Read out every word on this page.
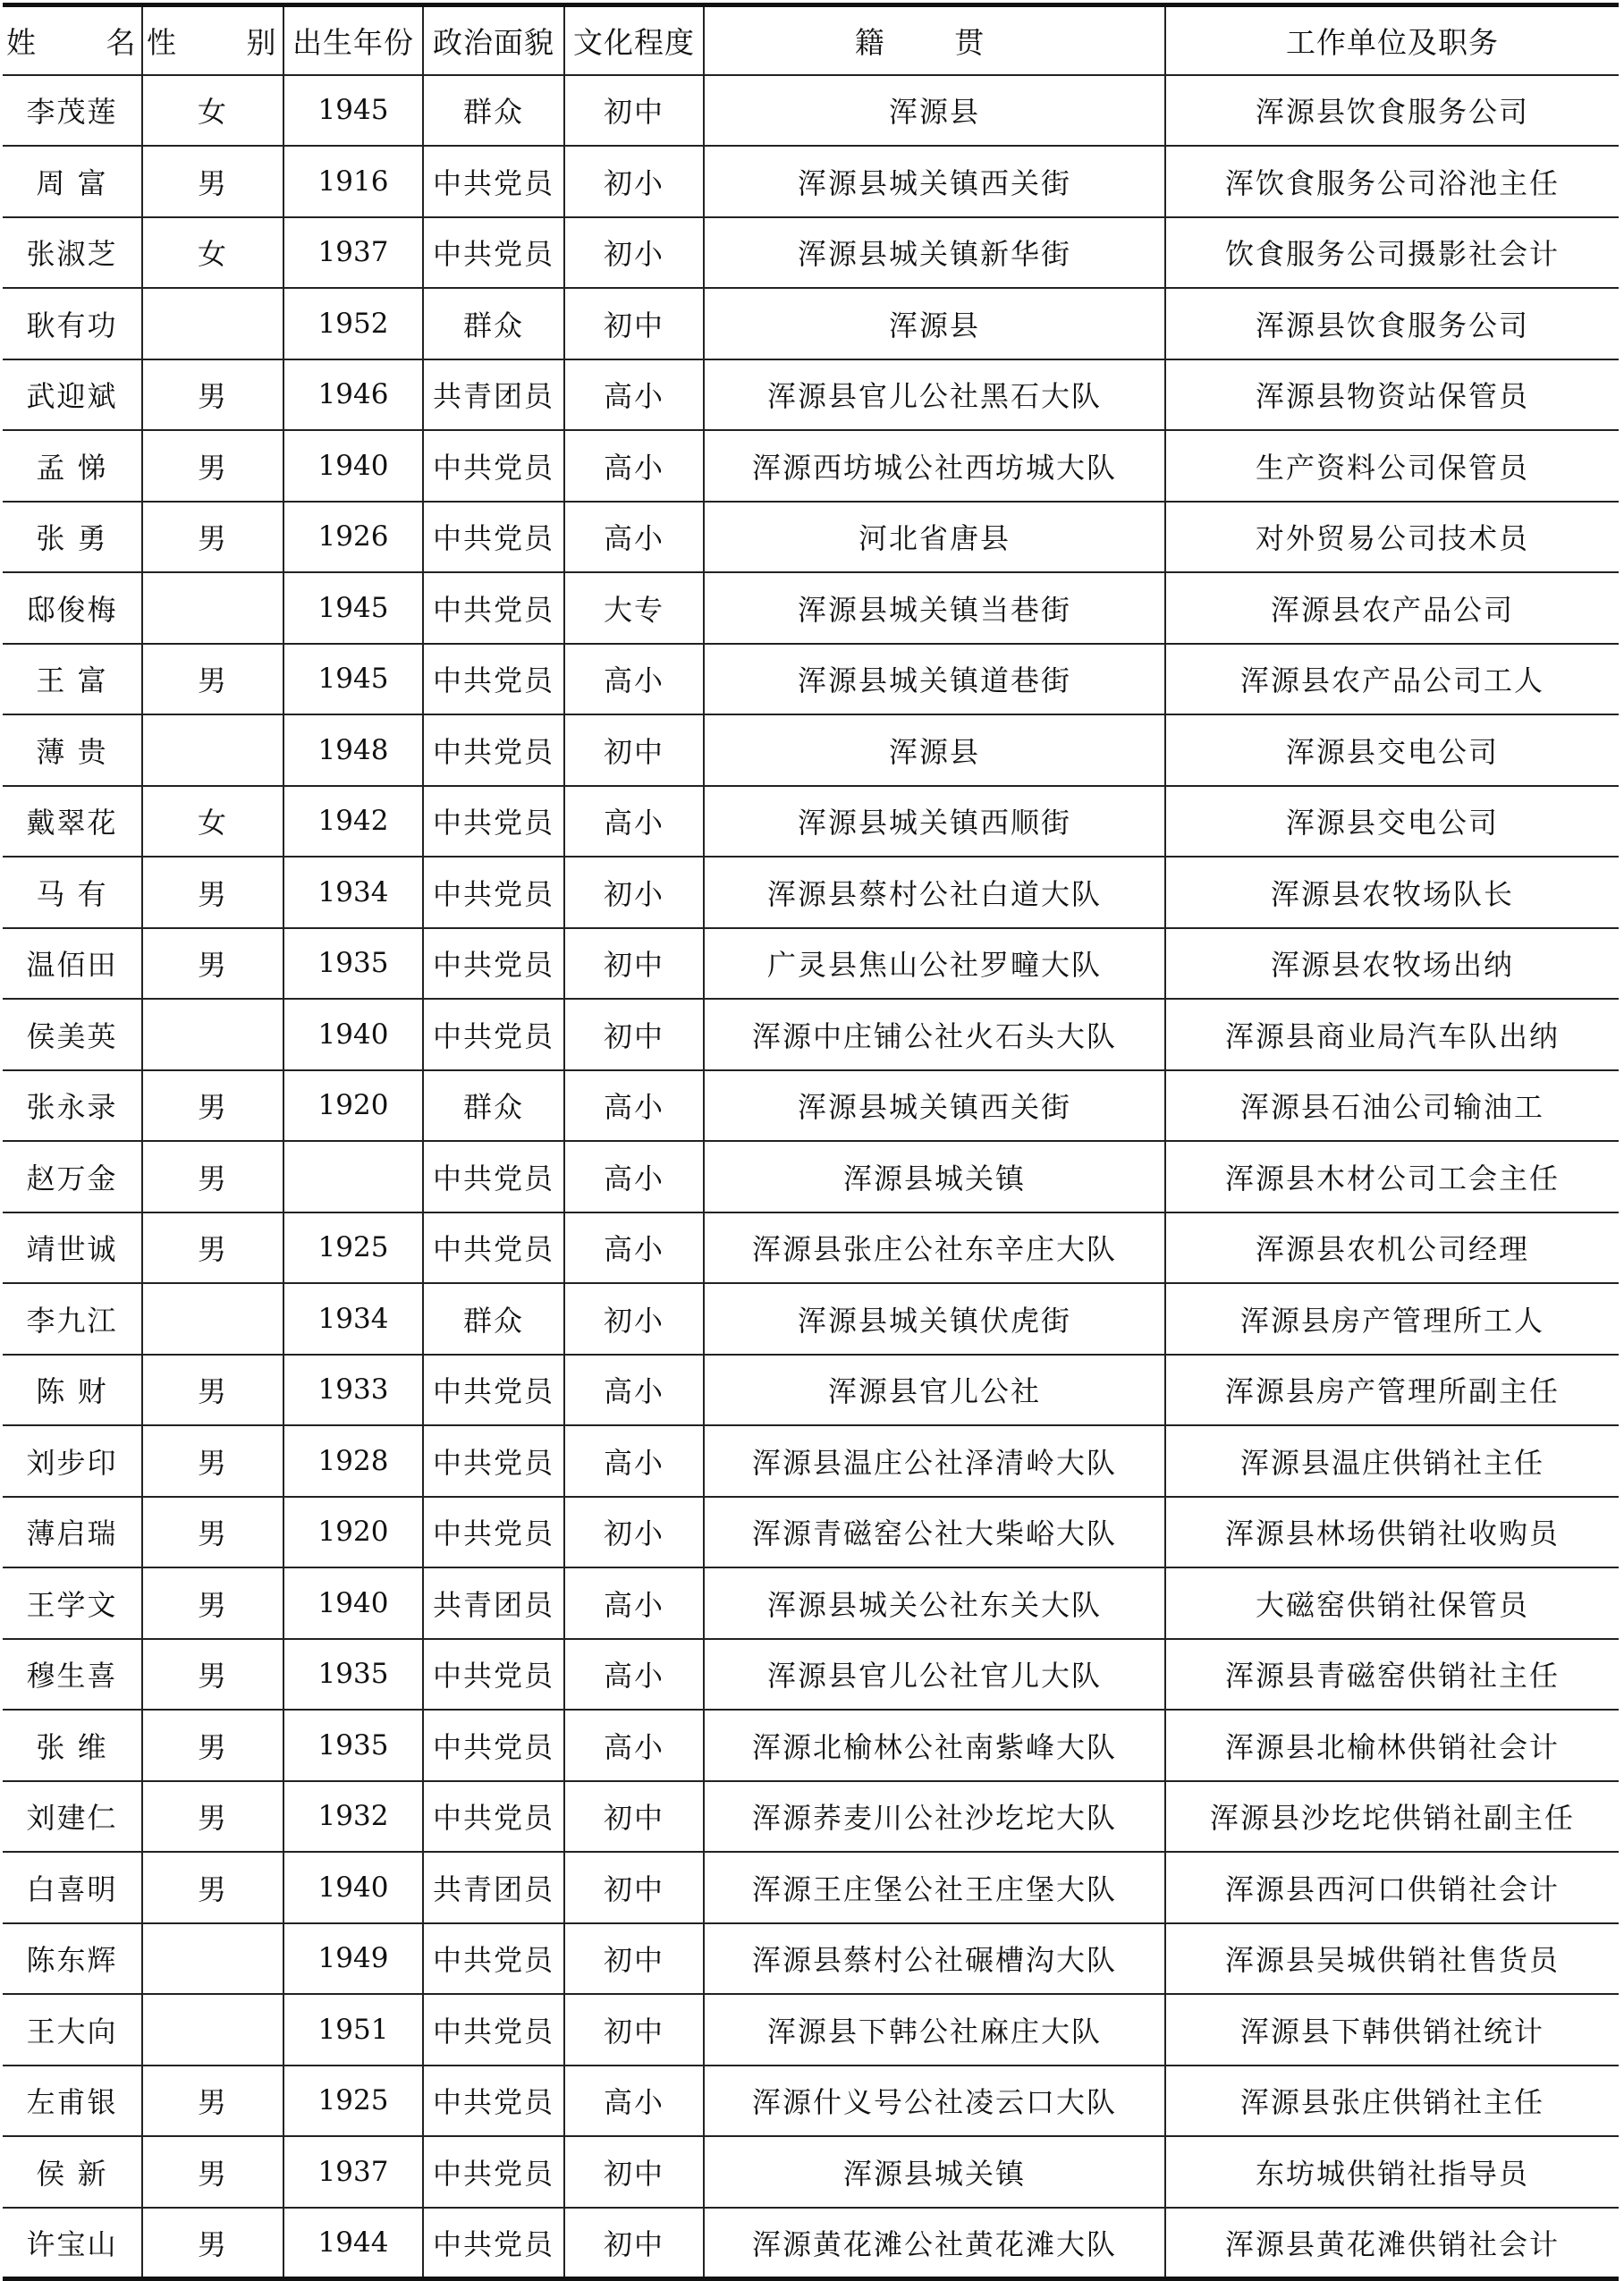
姓 名	性 别	出生年份	政治面貌	文化程度	籍 贯	工作单位及职务
李茂莲	女	1945	群众	初中	浑源县	浑源县饮食服务公司
周 富	男	1916	中共党员	初小	浑源县城关镇西关街	浑饮食服务公司浴池主任
张淑芝	女	1937	中共党员	初小	浑源县城关镇新华街	饮食服务公司摄影社会计
耿有功		1952	群众	初中	浑源县	浑源县饮食服务公司
武迎斌	男	1946	共青团员	高小	浑源县官儿公社黑石大队	浑源县物资站保管员
孟 悌	男	1940	中共党员	高小	浑源西坊城公社西坊城大队	生产资料公司保管员
张 勇	男	1926	中共党员	高小	河北省唐县	对外贸易公司技术员
邸俊梅		1945	中共党员	大专	浑源县城关镇当巷街	浑源县农产品公司
王 富	男	1945	中共党员	高小	浑源县城关镇道巷街	浑源县农产品公司工人
薄 贵		1948	中共党员	初中	浑源县	浑源县交电公司
戴翠花	女	1942	中共党员	高小	浑源县城关镇西顺街	浑源县交电公司
马 有	男	1934	中共党员	初小	浑源县蔡村公社白道大队	浑源县农牧场队长
温佰田	男	1935	中共党员	初中	广灵县焦山公社罗疃大队	浑源县农牧场出纳
侯美英		1940	中共党员	初中	浑源中庄铺公社火石头大队	浑源县商业局汽车队出纳
张永录	男	1920	群众	高小	浑源县城关镇西关街	浑源县石油公司输油工
赵万金	男		中共党员	高小	浑源县城关镇	浑源县木材公司工会主任
靖世诚	男	1925	中共党员	高小	浑源县张庄公社东辛庄大队	浑源县农机公司经理
李九江		1934	群众	初小	浑源县城关镇伏虎街	浑源县房产管理所工人
陈 财	男	1933	中共党员	高小	浑源县官儿公社	浑源县房产管理所副主任
刘步印	男	1928	中共党员	高小	浑源县温庄公社泽清岭大队	浑源县温庄供销社主任
薄启瑞	男	1920	中共党员	初小	浑源青磁窑公社大柴峪大队	浑源县林场供销社收购员
王学文	男	1940	共青团员	高小	浑源县城关公社东关大队	大磁窑供销社保管员
穆生喜	男	1935	中共党员	高小	浑源县官儿公社官儿大队	浑源县青磁窑供销社主任
张 维	男	1935	中共党员	高小	浑源北榆林公社南紫峰大队	浑源县北榆林供销社会计
刘建仁	男	1932	中共党员	初中	浑源荞麦川公社沙圪坨大队	浑源县沙圪坨供销社副主任
白喜明	男	1940	共青团员	初中	浑源王庄堡公社王庄堡大队	浑源县西河口供销社会计
陈东辉		1949	中共党员	初中	浑源县蔡村公社碾槽沟大队	浑源县吴城供销社售货员
王大向		1951	中共党员	初中	浑源县下韩公社麻庄大队	浑源县下韩供销社统计
左甫银	男	1925	中共党员	高小	浑源什义号公社凌云口大队	浑源县张庄供销社主任
侯 新	男	1937	中共党员	初中	浑源县城关镇	东坊城供销社指导员
许宝山	男	1944	中共党员	初中	浑源黄花滩公社黄花滩大队	浑源县黄花滩供销社会计
